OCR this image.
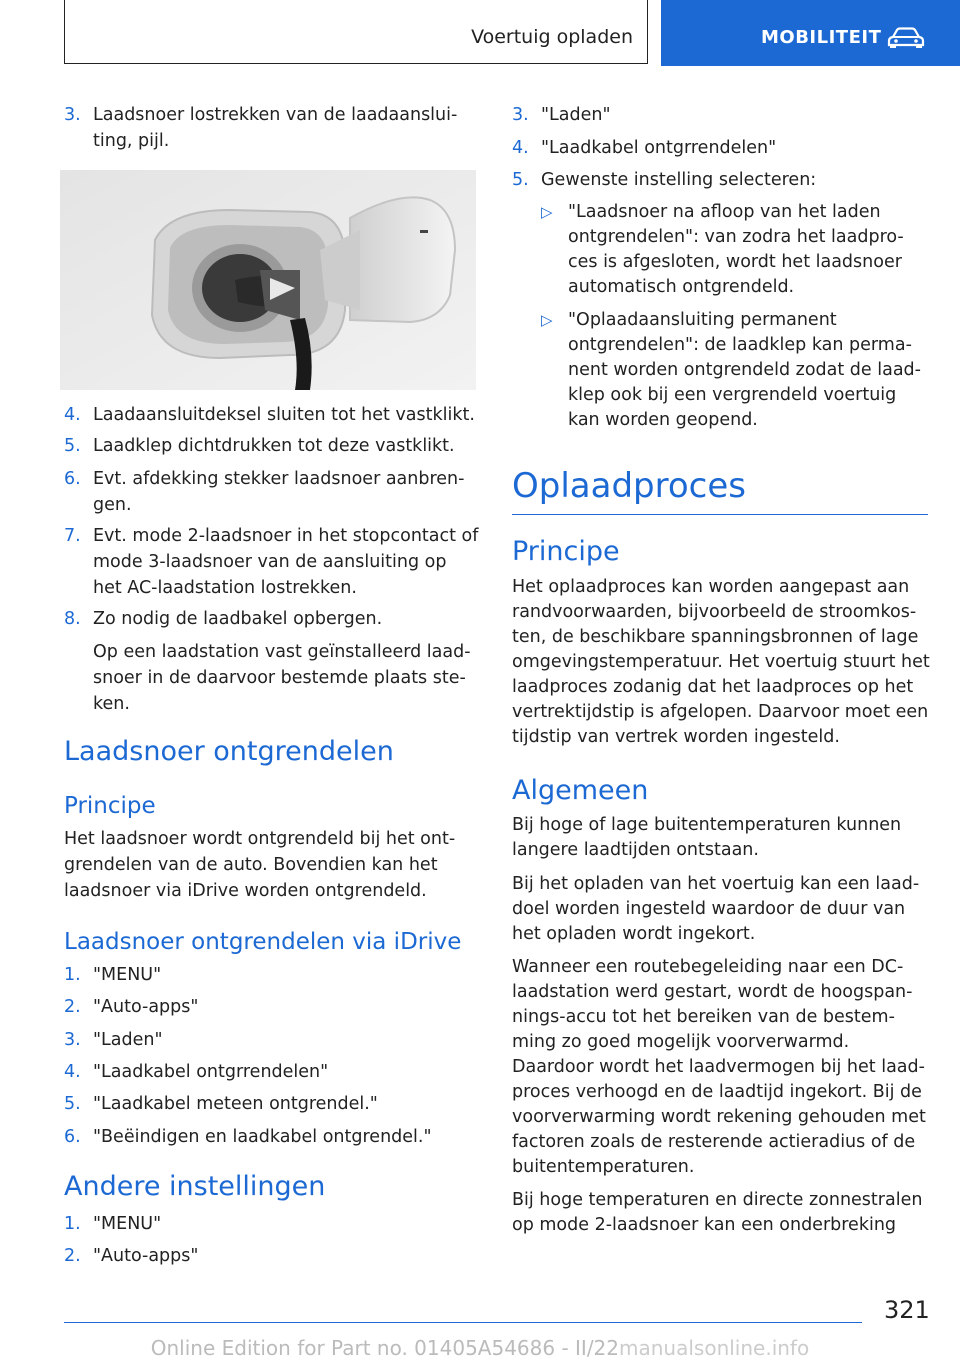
Voertuig opladen	MOBILITEIT
3. Laadsnoer lostrekken van de laadaanslui-
ting, pijl.
4. Laadaansluitdeksel sluiten tot het vastklikt.
5. Laadklep dichtdrukken tot deze vastklikt.
6. Evt. afdekking stekker laadsnoer aanbren-
gen.
7. Evt. mode 2-laadsnoer in het stopcontact of
mode 3-laadsnoer van de aansluiting op
het AC-laadstation lostrekken.
8. Zo nodig de laadbakel opbergen.
Op een laadstation vast geïnstalleerd laad-
snoer in de daarvoor bestemde plaats ste-
ken.
Laadsnoer ontgrendelen
Principe
Het laadsnoer wordt ontgrendeld bij het ont-
grendelen van de auto. Bovendien kan het
laadsnoer via iDrive worden ontgrendeld.
Laadsnoer ontgrendelen via iDrive
1. "MENU"
2. "Auto-apps"
3. "Laden"
4. "Laadkabel ontgrrendelen"
5. "Laadkabel meteen ontgrendel."
6. "Beëindigen en laadkabel ontgrendel."
Andere instellingen
1. "MENU"
2. "Auto-apps"
3. "Laden"
4. "Laadkabel ontgrrendelen"
5. Gewenste instelling selecteren:
▷ "Laadsnoer na afloop van het laden
ontgrendelen": van zodra het laadpro-
ces is afgesloten, wordt het laadsnoer
automatisch ontgrendeld.
▷ "Oplaadaansluiting permanent
ontgrendelen": de laadklep kan perma-
nent worden ontgrendeld zodat de laad-
klep ook bij een vergrendeld voertuig
kan worden geopend.
Oplaadproces
Principe
Het oplaadproces kan worden aangepast aan
randvoorwaarden, bijvoorbeeld de stroomkos-
ten, de beschikbare spanningsbronnen of lage
omgevingstemperatuur. Het voertuig stuurt het
laadproces zodanig dat het laadproces op het
vertrektijdstip is afgelopen. Daarvoor moet een
tijdstip van vertrek worden ingesteld.
Algemeen
Bij hoge of lage buitentemperaturen kunnen
langere laadtijden ontstaan.
Bij het opladen van het voertuig kan een laad-
doel worden ingesteld waardoor de duur van
het opladen wordt ingekort.
Wanneer een routebegeleiding naar een DC-
laadstation werd gestart, wordt de hoogspan-
nings-accu tot het bereiken van de bestem-
ming zo goed mogelijk voorverwarmd.
Daardoor wordt het laadvermogen bij het laad-
proces verhoogd en de laadtijd ingekort. Bij de
voorverwarming wordt rekening gehouden met
factoren zoals de resterende actieradius of de
buitentemperaturen.
Bij hoge temperaturen en directe zonnestralen
op mode 2-laadsnoer kan een onderbreking
321
Online Edition for Part no. 01405A54686 - II/22manualsonline.info
